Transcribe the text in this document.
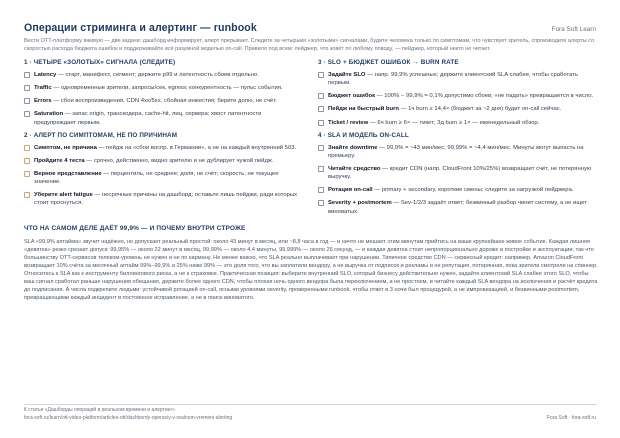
Операции стриминга и алертинг — runbook	Fora Soft Learn
Вести OTT-платформу вживую — две задачи: дашборд информирует, алерт прерывает. Следите за четырьмя «золотыми» сигналами, будите человека только по симптомам, что чувствует зритель, спроизводите алерты со скоростью расхода бюджета ошибок и поддерживайте всё разумной моделью on-call. Правило под всем: пейджер, что зовёт по любому поводу, — пейджер, который никто не читает.
1 · ЧЕТЫРЕ «ЗОЛОТЫХ» СИГНАЛА (СЛЕДИТЕ)
Latency — старт, манифест, сегмент; держите p99 и латентность сбоев отдельно.
Traffic — одновременные зрители, запросы/сек, egress; конкурентность — пульс события.
Errors — сбои воспроизведения, CDN 4xx/5xx, сбойная инжестия; берите долю, не счёт.
Saturation — запас origin, транскодера, cache-hit, лиц, сервера; хвост латентности предупреждает первым.
2 · АЛЕРТ ПО СИМПТОМАМ, НЕ ПО ПРИЧИНАМ
Симптом, не причина — пейдж на «сбои воспр. в Германии», а не на каждый внутренний 503.
Пройдите 4 теста — срочно, действенно, видно зрителю и не дублирует чужой пейдж.
Верное представление — перцентиль, не среднее; доля, не счёт; скорость, не текущее значение.
Уберите alert fatigue — несрочные причины на дашборд; оставьте лишь пейджи, ради которых стоит проснуться.
3 · SLO + БЮДЖЕТ ОШИБОК → BURN RATE
Задайте SLO — напр. 99,9% успешных; держите клиентский SLA слабее, чтобы сработать первым.
Бюджет ошибок — 100% − 99,9% = 0,1% допустимо сбоев; «не падать» превращается в число.
Пейдж на быстрый burn — 1ч burn ≥ 14,4× (бюджет за ~2 дня) будит on-call сейчас.
Ticket / review — 6ч burn ≥ 6× — тикет; 3д burn ≥ 1× — еженедельный обзор.
4 · SLA И МОДЕЛЬ ON-CALL
Знайте downtime — 99,9% = ~43 мин/мес; 99,99% = ~4,4 мин/мес. Минуты могут выпасть на премьеру.
Читайте средство — кредит CDN (напр. CloudFront 10%/25%) возвращает счёт, не потерянную выручку.
Ротация on-call — primary + secondary, короткие смены; следите за нагрузкой пейджера.
Severity + postmortem — Sev-1/2/3 задаёт ответ; безвинный разбор чинит систему, а не ищет виноватых.
ЧТО НА САМОМ ДЕЛЕ ДАЁТ 99,9% — И ПОЧЕМУ ВНУТРИ СТРОЖЕ
SLA «99,9% аптайма» звучит надёжно, но допускает реальный простой: около 43 минут в месяц, или ~8,8 часа в год — и ничто не мешает этим минутам прийтись на ваше крупнейшее живое событие. Каждая лишняя «девятка» резко срезает допуск: 99,95% — около 22 минут в месяц, 99,99% — около 4,4 минуты, 99,999% — около 26 секунд, — и каждая девятка стоит непропорционально дороже в постройке и эксплуатации, так что большинству OTT-сервисов телеком-уровень не нужен и не по карману. Не менее важно, что SLA реально выплачивает при нарушении. Типичное средство CDN — сервисный кредит: например, Amazon CloudFront возвращает 10% счёта за месячный аптайм 99%–99,9% и 25% ниже 99% — это доля того, что вы заплатили вендору, а не выручка от подписок и рекламы и не репутация, потерянная, пока зрители смотрели на спиннер. Относитесь к SLA как к инструменту биллингового риска, а не к страховке. Практическая позиция: выберите внутренний SLO, который бизнесу действительно нужен, задайте клиентский SLA слабее этого SLO, чтобы ваш сигнал сработал раньше нарушения обещания, держите более одного CDN, чтобы плохая ночь одного вендора была переключением, а не простоем, и читайте каждый SLA вендора на исключения и расчёт кредита до подписания. А числа подкрепите людьми: устойчивой ротацией on-call, ясными уровнями severity, проверенными runbook, чтобы ответ в 3 ночи был процедурой, а не импровизацией, и безвинными postmortem, превращающими каждый инцидент в постоянное исправление, а не в поиск виноватого.
К статье «Дашборды операций в реальном времени и алертинг»
fora-soft.ru/learn/ott-video-platform/articles-ott/dashbordy-operaciy-v-realnom-vremeni-alerting	Fora Soft · fora-soft.ru
